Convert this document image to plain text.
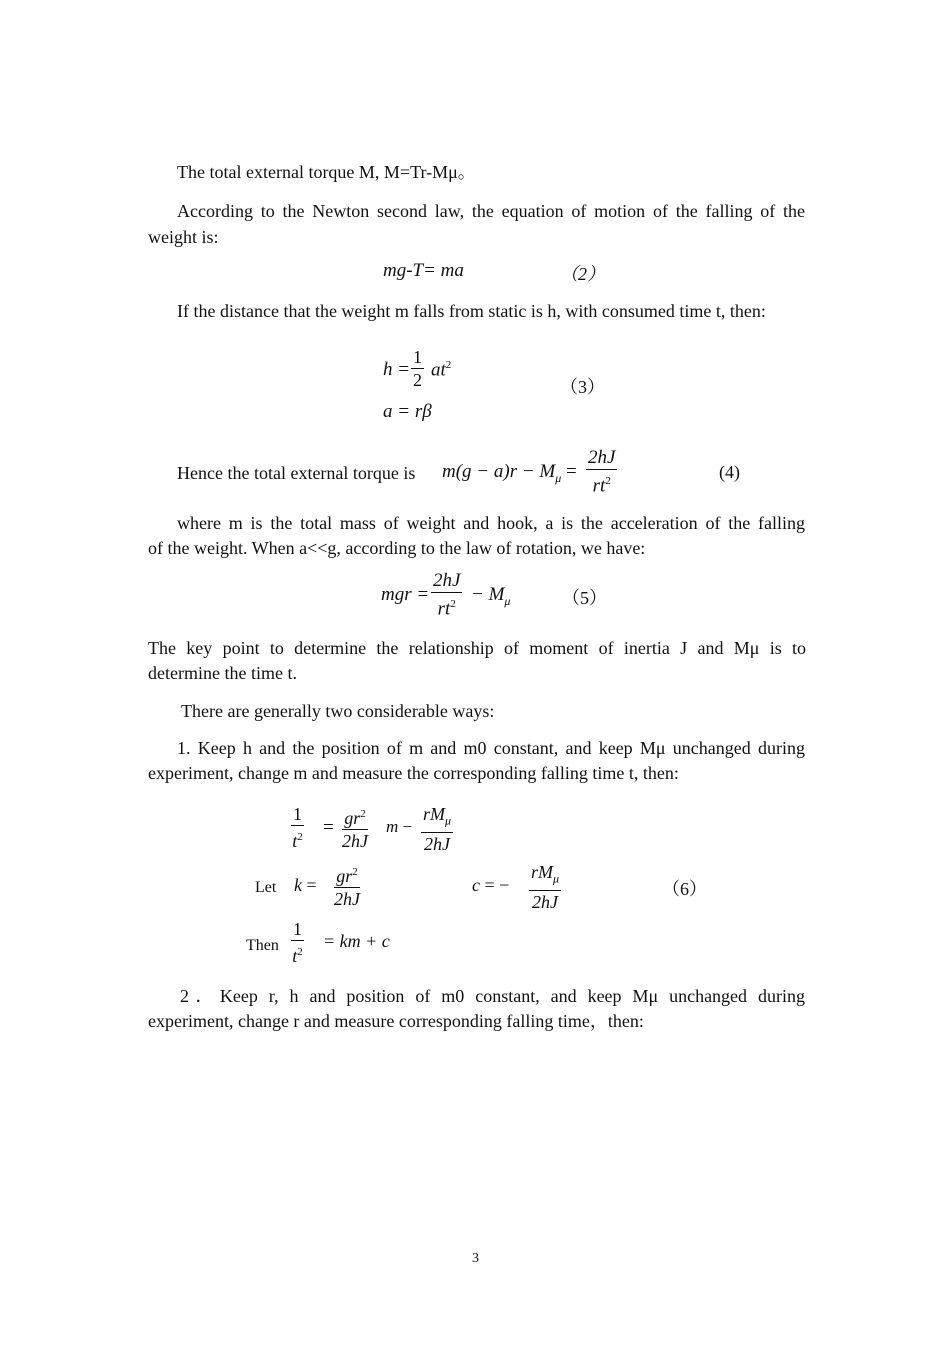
The total external torque M, M=Tr-Mμ。
According to the Newton second law, the equation of motion of the falling of the
weight is:
mg-T= ma	（2）
If the distance that the weight m falls from static is h, with consumed time t, then:
$h = \frac{1}{2} at^2$
a = rβ
（3）
Hence the total external torque is $m(g - a)r - M_\mu = \frac{2hJ}{rt^2}$	(4)
where m is the total mass of weight and hook, a is the acceleration of the falling
of the weight. When a<<g, according to the law of rotation, we have:
mgr = $\frac{2hJ}{rt^2} - M_\mu$	（5）
The key point to determine the relationship of moment of inertia J and Mμ is to
determine the time t.
There are generally two considerable ways:
1. Keep h and the position of m and m0 constant, and keep Mμ unchanged during
experiment, change m and measure the corresponding falling time t, then:
$\frac{1}{t^2} = \frac{gr^2}{2hJ}$ m −
$rM_\mu$
2hJ
Let $k = \frac{gr^2}{2hJ}$	c = −
$rM_\mu$
2hJ
（6）
Then $\frac{1}{t^2}$ = km + c
2．Keep r, h and position of m0 constant, and keep Mμ unchanged during
experiment, change r and measure corresponding falling time，then:
3
